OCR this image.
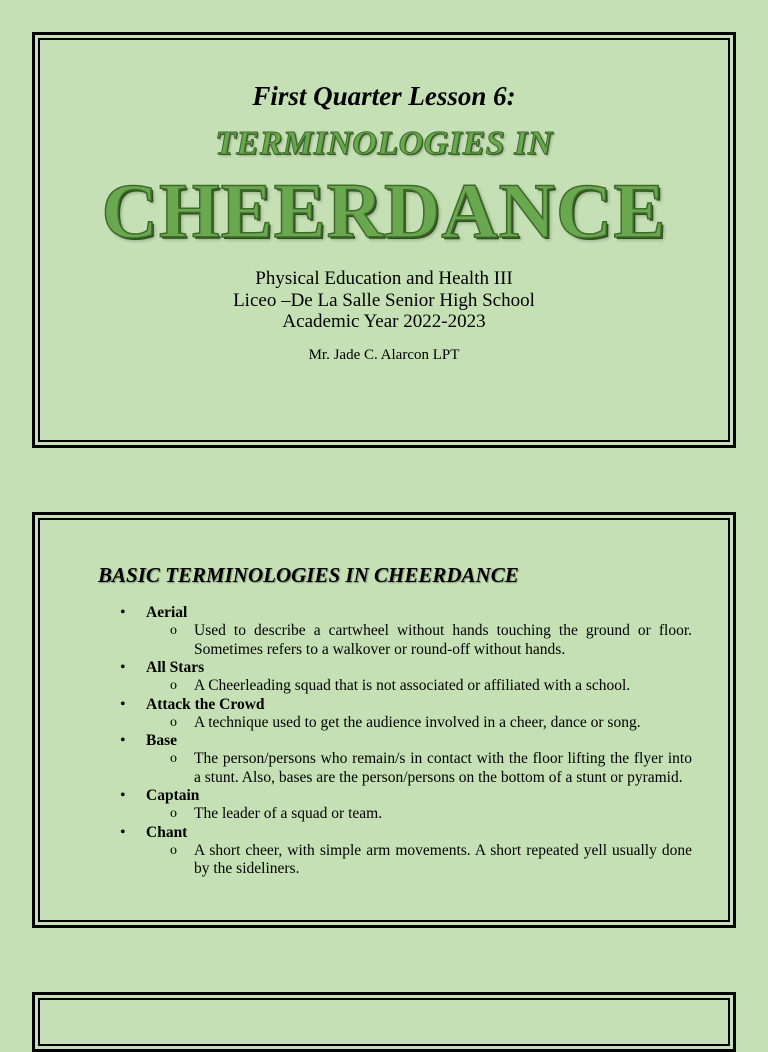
First Quarter Lesson 6:
TERMINOLOGIES IN
CHEERDANCE
Physical Education and Health III
Liceo –De La Salle Senior High School
Academic Year 2022-2023
Mr. Jade C. Alarcon LPT
BASIC TERMINOLOGIES IN CHEERDANCE
•	Aerial
o Used to describe a cartwheel without hands touching the ground or floor. Sometimes refers to a walkover or round-off without hands.
•	All Stars
o A Cheerleading squad that is not associated or affiliated with a school.
•	Attack the Crowd
o A technique used to get the audience involved in a cheer, dance or song.
•	Base
o The person/persons who remain/s in contact with the floor lifting the flyer into a stunt. Also, bases are the person/persons on the bottom of a stunt or pyramid.
•	Captain
o The leader of a squad or team.
•	Chant
o A short cheer, with simple arm movements. A short repeated yell usually done by the sideliners.
